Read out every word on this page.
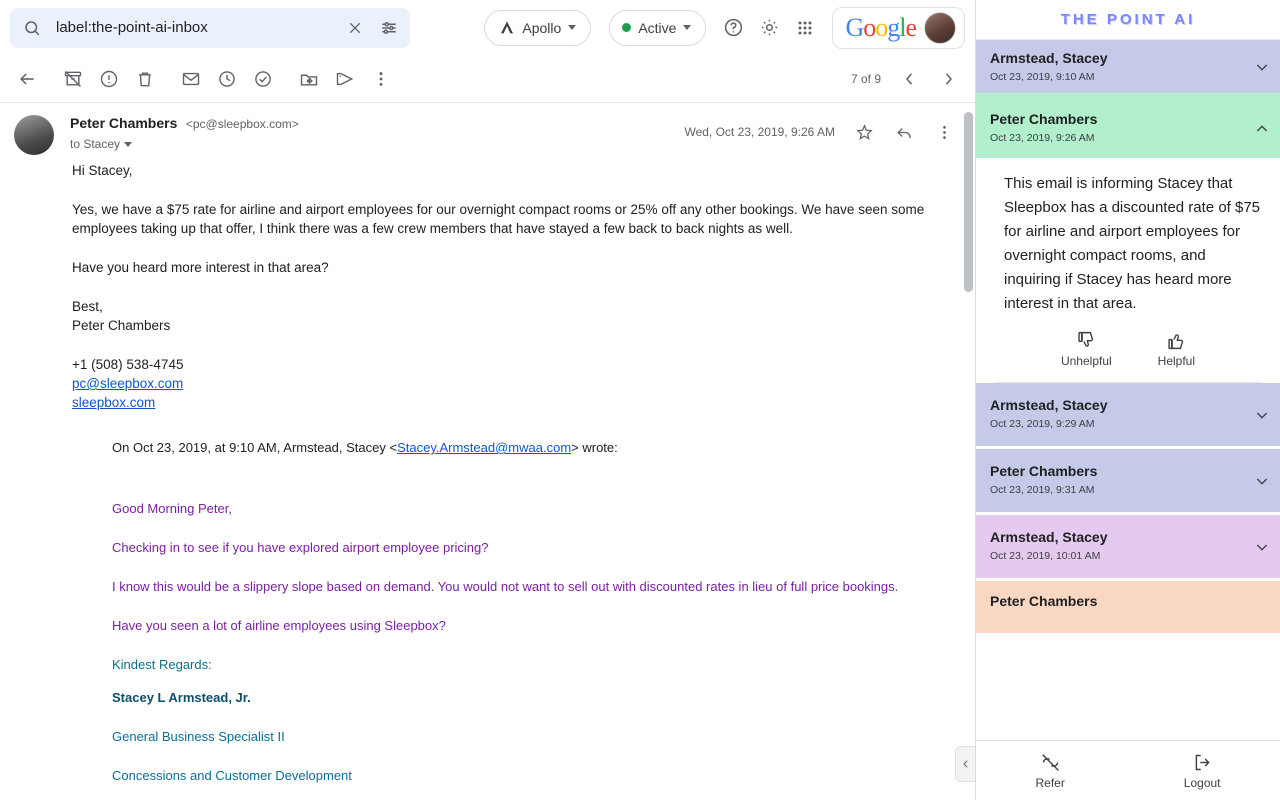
label:the-point-ai-inbox
Apollo	Active	Google
7 of 9
Peter Chambers <pc@sleepbox.com>
to Stacey
Wed, Oct 23, 2019, 9:26 AM

Hi Stacey,

Yes, we have a $75 rate for airline and airport employees for our overnight compact rooms or 25% off any other bookings. We have seen some employees taking up that offer, I think there was a few crew members that have stayed a few back to back nights as well.

Have you heard more interest in that area?

Best,

Peter Chambers

+1 (508) 538-4745

pc@sleepbox.com

sleepbox.com

On Oct 23, 2019, at 9:10 AM, Armstead, Stacey <Stacey.Armstead@mwaa.com> wrote:

Good Morning Peter,

Checking in to see if you have explored airport employee pricing?

I know this would be a slippery slope based on demand. You would not want to sell out with discounted rates in lieu of full price bookings.

Have you seen a lot of airline employees using Sleepbox?

Kindest Regards:

Stacey L Armstead, Jr.

General Business Specialist II

Concessions and Customer Development

THE POINT AI
Armstead, Stacey
Oct 23, 2019, 9:10 AM
Peter Chambers
Oct 23, 2019, 9:26 AM
This email is informing Stacey that Sleepbox has a discounted rate of $75 for airline and airport employees for overnight compact rooms, and inquiring if Stacey has heard more interest in that area.
Unhelpful	Helpful
Armstead, Stacey
Oct 23, 2019, 9:29 AM
Peter Chambers
Oct 23, 2019, 9:31 AM
Armstead, Stacey
Oct 23, 2019, 10:01 AM
Peter Chambers
Refer	Logout
